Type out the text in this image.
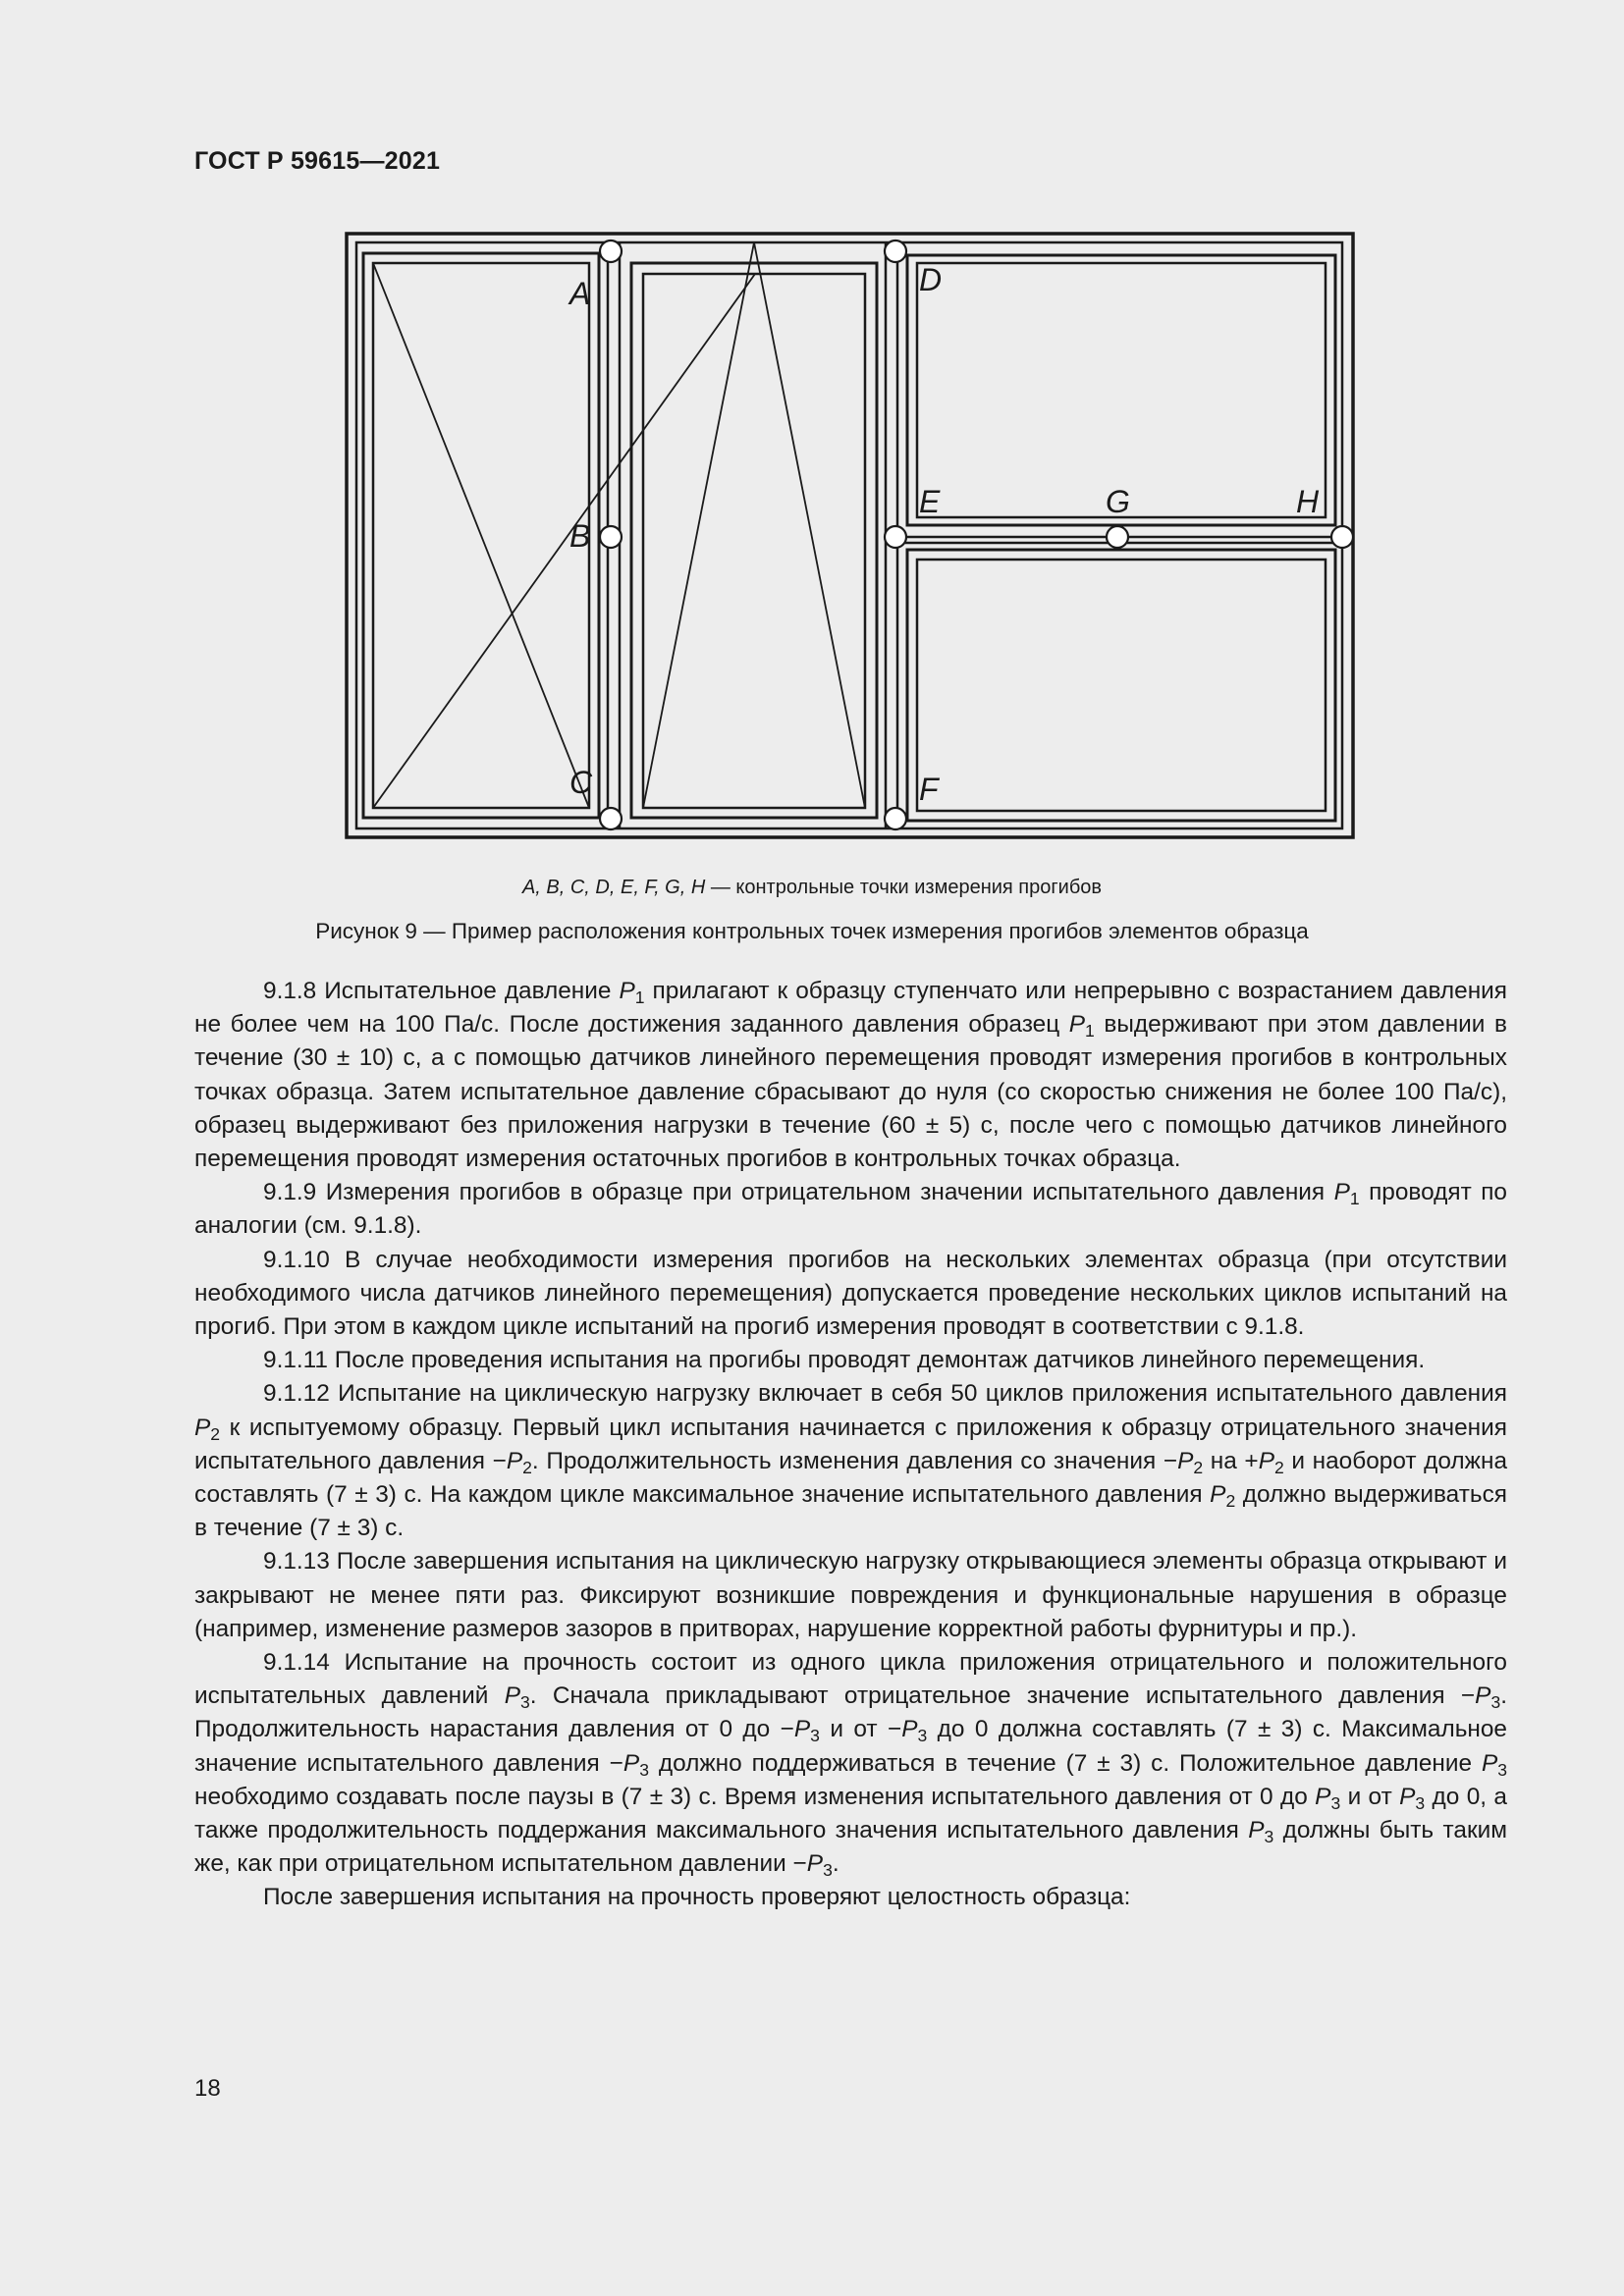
ГОСТ Р 59615—2021
A
B
C
D
E	G	H
F
A, B, C, D, E, F, G, H — контрольные точки измерения прогибов
Рисунок 9 — Пример расположения контрольных точек измерения прогибов элементов образца

9.1.8 Испытательное давление $P_1$ прилагают к образцу ступенчато или непрерывно с возрастанием давления не более чем на 100 Па/с. После достижения заданного давления образец $P_1$ выдерживают при этом давлении в течение (30 ± 10) с, а с помощью датчиков линейного перемещения проводят измерения прогибов в контрольных точках образца. Затем испытательное давление сбрасывают до нуля (со скоростью снижения не более 100 Па/с), образец выдерживают без приложения нагрузки в течение (60 ± 5) с, после чего с помощью датчиков линейного перемещения проводят измерения остаточных прогибов в контрольных точках образца.

9.1.9 Измерения прогибов в образце при отрицательном значении испытательного давления $P_1$ проводят по аналогии (см. 9.1.8).

9.1.10 В случае необходимости измерения прогибов на нескольких элементах образца (при отсутствии необходимого числа датчиков линейного перемещения) допускается проведение нескольких циклов испытаний на прогиб. При этом в каждом цикле испытаний на прогиб измерения проводят в соответствии с 9.1.8.

9.1.11 После проведения испытания на прогибы проводят демонтаж датчиков линейного перемещения.

9.1.12 Испытание на циклическую нагрузку включает в себя 50 циклов приложения испытательного давления $P_2$ к испытуемому образцу. Первый цикл испытания начинается с приложения к образцу отрицательного значения испытательного давления $-P_2$. Продолжительность изменения давления со значения $-P_2$ на $+P_2$ и наоборот должна составлять (7 ± 3) с. На каждом цикле максимальное значение испытательного давления $P_2$ должно выдерживаться в течение (7 ± 3) с.

9.1.13 После завершения испытания на циклическую нагрузку открывающиеся элементы образца открывают и закрывают не менее пяти раз. Фиксируют возникшие повреждения и функциональные нарушения в образце (например, изменение размеров зазоров в притворах, нарушение корректной работы фурнитуры и пр.).

9.1.14 Испытание на прочность состоит из одного цикла приложения отрицательного и положительного испытательных давлений $P_3$. Сначала прикладывают отрицательное значение испытательного давления $-P_3$. Продолжительность нарастания давления от 0 до $-P_3$ и от $-P_3$ до 0 должна составлять (7 ± 3) с. Максимальное значение испытательного давления $-P_3$ должно поддерживаться в течение (7 ± 3) с. Положительное давление $P_3$ необходимо создавать после паузы в (7 ± 3) с. Время изменения испытательного давления от 0 до $P_3$ и от $P_3$ до 0, а также продолжительность поддержания максимального значения испытательного давления $P_3$ должны быть таким же, как при отрицательном испытательном давлении $-P_3$.

После завершения испытания на прочность проверяют целостность образца:

18
